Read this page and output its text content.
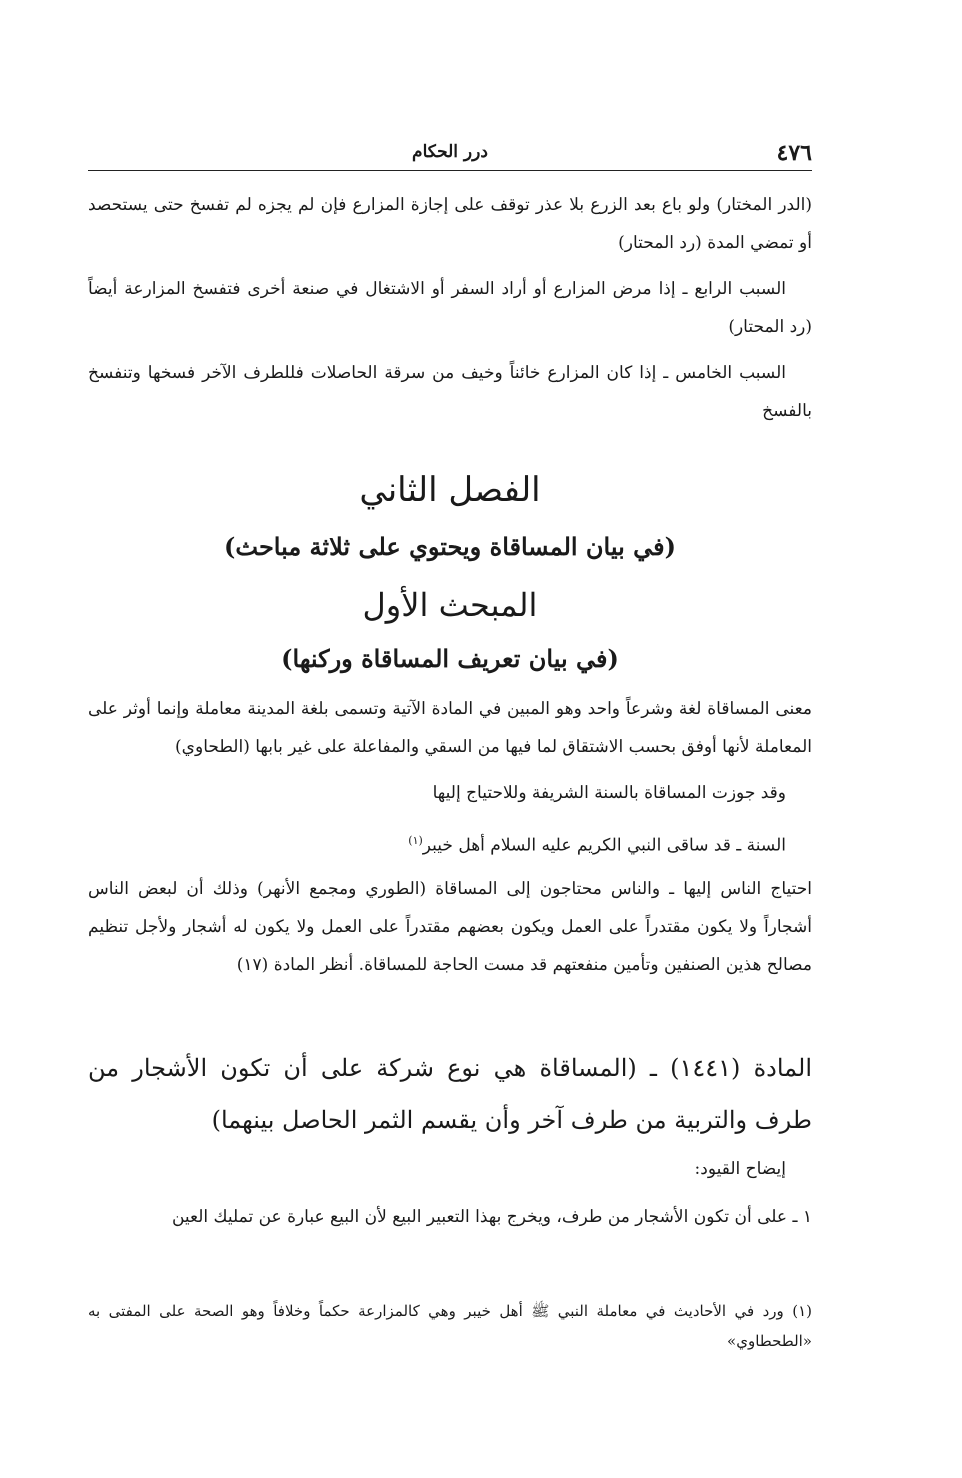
٤٧٦
درر الحكام
(الدر المختار) ولو باع بعد الزرع بلا عذر توقف على إجازة المزارع فإن لم يجزه لم تفسخ حتى يستحصد أو تمضي المدة (رد المحتار)
السبب الرابع ـ إذا مرض المزارع أو أراد السفر أو الاشتغال في صنعة أخرى فتفسخ المزارعة أيضاً (رد المحتار)
السبب الخامس ـ إذا كان المزارع خائناً وخيف من سرقة الحاصلات فللطرف الآخر فسخها وتنفسخ بالفسخ
الفصل الثاني
(في بيان المساقاة ويحتوي على ثلاثة مباحث)
المبحث الأول
(في بيان تعريف المساقاة وركنها)
معنى المساقاة لغة وشرعاً واحد وهو المبين في المادة الآتية وتسمى بلغة المدينة معاملة وإنما أوثر على المعاملة لأنها أوفق بحسب الاشتقاق لما فيها من السقي والمفاعلة على غير بابها (الطحاوي)
وقد جوزت المساقاة بالسنة الشريفة وللاحتياج إليها
السنة ـ قد ساقى النبي الكريم عليه السلام أهل خيبر$^{(١)}$
احتياج الناس إليها ـ والناس محتاجون إلى المساقاة (الطوري ومجمع الأنهر) وذلك أن لبعض الناس أشجاراً ولا يكون مقتدراً على العمل ويكون بعضهم مقتدراً على العمل ولا يكون له أشجار ولأجل تنظيم مصالح هذين الصنفين وتأمين منفعتهم قد مست الحاجة للمساقاة. أنظر المادة (١٧)
المادة (١٤٤١) ـ (المساقاة هي نوع شركة على أن تكون الأشجار من طرف والتربية من طرف آخر وأن يقسم الثمر الحاصل بينهما)
إيضاح القيود:
١ ـ على أن تكون الأشجار من طرف، ويخرج بهذا التعبير البيع لأن البيع عبارة عن تمليك العين
(١) ورد في الأحاديث في معاملة النبي ﷺ أهل خيبر وهي كالمزارعة حكماً وخلافاً وهو الصحة على المفتى به «الطحطاوي»
